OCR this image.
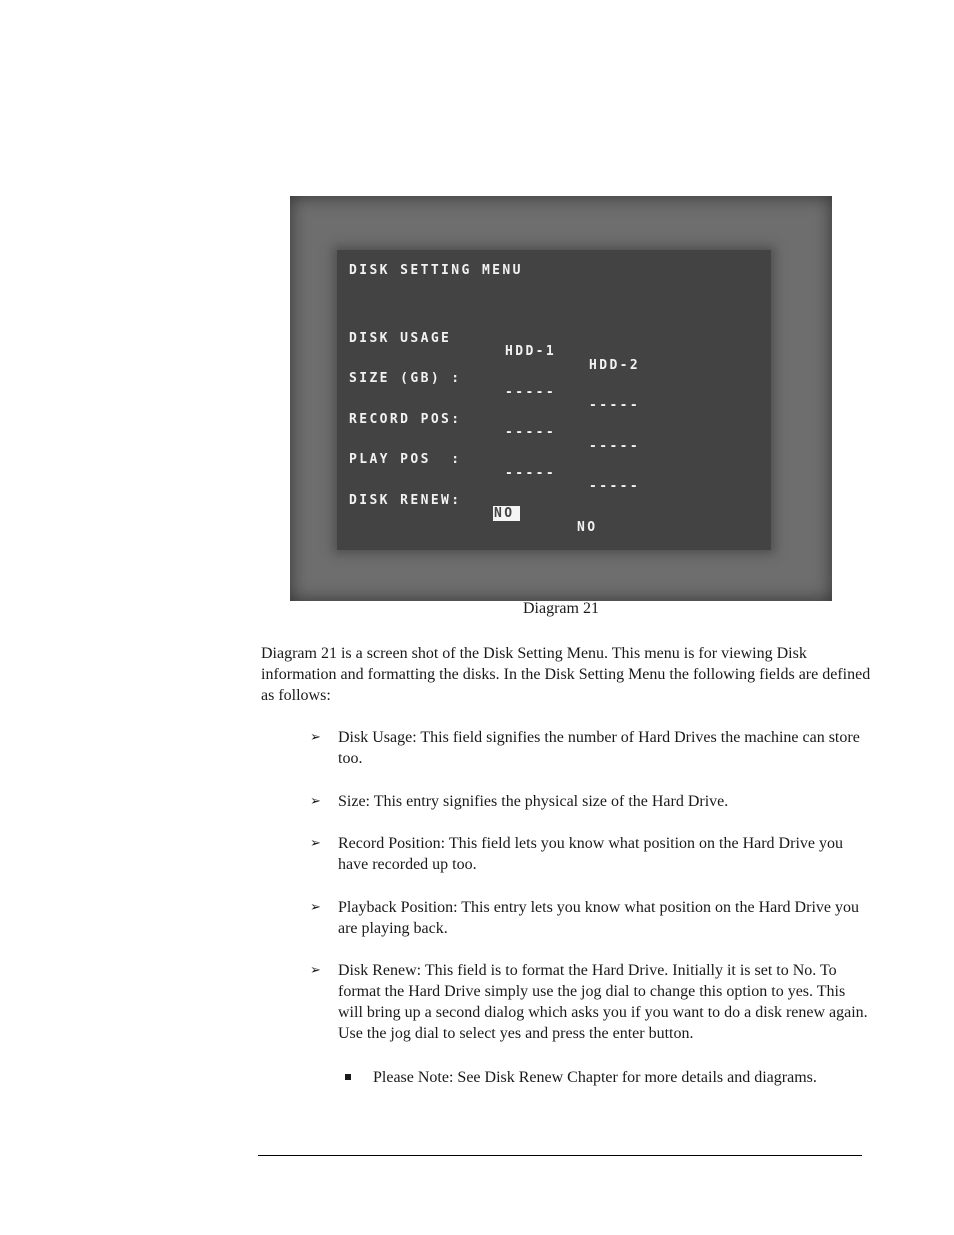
DISK SETTING MENU

DISK USAGE

HDD-1

HDD-2

SIZE (GB) :

-----

-----

RECORD POS:

-----

-----

PLAY POS  :

-----

-----

DISK RENEW:

NO

NO

Diagram 21
Diagram 21 is a screen shot of the Disk Setting Menu. This menu is for viewing Disk information and formatting the disks. In the Disk Setting Menu the following fields are defined as follows:
➢ Disk Usage: This field signifies the number of Hard Drives the machine can store too.
➢ Size: This entry signifies the physical size of the Hard Drive.
➢ Record Position: This field lets you know what position on the Hard Drive you have recorded up too.
➢ Playback Position: This entry lets you know what position on the Hard Drive you are playing back.
➢ Disk Renew: This field is to format the Hard Drive. Initially it is set to No. To format the Hard Drive simply use the jog dial to change this option to yes. This will bring up a second dialog which asks you if you want to do a disk renew again. Use the jog dial to select yes and press the enter button.
Please Note: See Disk Renew Chapter for more details and diagrams.
